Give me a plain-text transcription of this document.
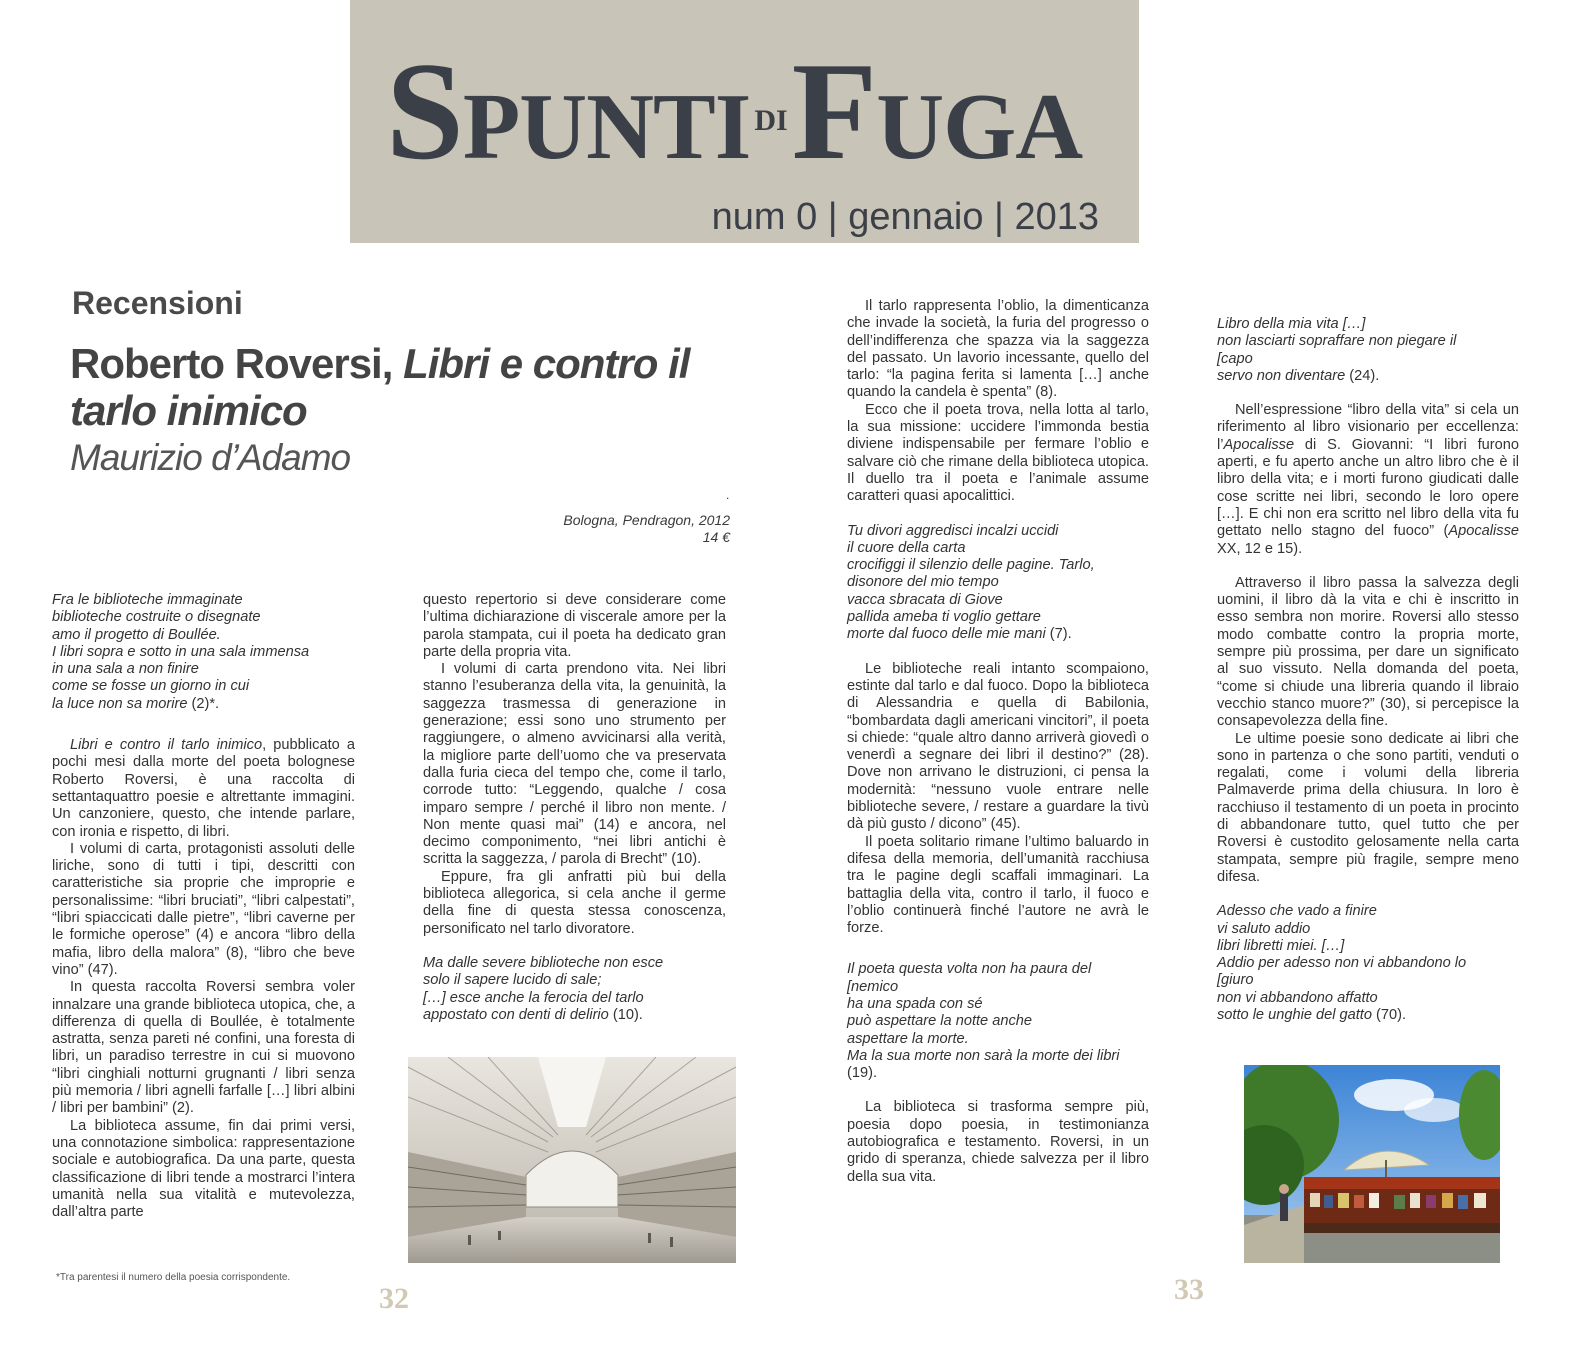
SPUNTI DIFUGA
num 0 | gennaio | 2013
Recensioni
Roberto Roversi, Libri e contro il tarlo inimico
Maurizio d’Adamo
.
Bologna, Pendragon, 2012
14 €

Fra le biblioteche immaginate
biblioteche costruite o disegnate
amo il progetto di Boullée.
I libri sopra e sotto in una sala immensa
in una sala a non finire
come se fosse un giorno in cui
la luce non sa morire (2)*.

Libri e contro il tarlo inimico, pubblicato a pochi mesi dalla morte del poeta bolognese Roberto Roversi, è una raccolta di settantaquattro poesie e altrettante immagini. Un canzoniere, questo, che intende parlare, con ironia e rispetto, di libri.

I volumi di carta, protagonisti assoluti delle liriche, sono di tutti i tipi, descritti con caratteristiche sia proprie che improprie e personalissime: “libri bruciati”, “libri calpestati”, “libri spiaccicati dalle pietre”, “libri caverne per le formiche operose” (4) e ancora “libro della mafia, libro della malora” (8), “libro che beve vino” (47).

In questa raccolta Roversi sembra voler innalzare una grande biblioteca utopica, che, a differenza di quella di Boullée, è totalmente astratta, senza pareti né confini, una foresta di libri, un paradiso terrestre in cui si muovono “libri cinghiali notturni grugnanti / libri senza più memoria / libri agnelli farfalle […] libri albini / libri per bambini” (2).

La biblioteca assume, fin dai primi versi, una connotazione simbolica: rappresentazione sociale e autobiografica. Da una parte, questa classificazione di libri tende a mostrarci l’intera umanità nella sua vitalità e mutevolezza, dall’altra parte

questo repertorio si deve considerare come l’ultima dichiarazione di viscerale amore per la parola stampata, cui il poeta ha dedicato gran parte della propria vita.

I volumi di carta prendono vita. Nei libri stanno l’esuberanza della vita, la genuinità, la saggezza trasmessa di generazione in generazione; essi sono uno strumento per raggiungere, o almeno avvicinarsi alla verità, la migliore parte dell’uomo che va preservata dalla furia cieca del tempo che, come il tarlo, corrode tutto: “Leggendo, qualche / cosa imparo sempre / perché il libro non mente. / Non mente quasi mai” (14) e ancora, nel decimo componimento, “nei libri antichi è scritta la saggezza, / parola di Brecht” (10).

Eppure, fra gli anfratti più bui della biblioteca allegorica, si cela anche il germe della fine di questa stessa conoscenza, personificato nel tarlo divoratore.

Ma dalle severe biblioteche non esce
solo il sapere lucido di sale;
[…] esce anche la ferocia del tarlo
appostato con denti di delirio (10).

Il tarlo rappresenta l’oblio, la dimenticanza che invade la società, la furia del progresso o dell’indifferenza che spazza via la saggezza del passato. Un lavorio incessante, quello del tarlo: “la pagina ferita si lamenta […] anche quando la candela è spenta” (8).

Ecco che il poeta trova, nella lotta al tarlo, la sua missione: uccidere l’immonda bestia diviene indispensabile per fermare l’oblio e salvare ciò che rimane della biblioteca utopica. Il duello tra il poeta e l’animale assume caratteri quasi apocalittici.

Tu divori aggredisci incalzi uccidi
il cuore della carta
crocifiggi il silenzio delle pagine. Tarlo,
disonore del mio tempo
vacca sbracata di Giove
pallida ameba ti voglio gettare
morte dal fuoco delle mie mani (7).

Le biblioteche reali intanto scompaiono, estinte dal tarlo e dal fuoco. Dopo la biblioteca di Alessandria e quella di Babilonia, “bombardata dagli americani vincitori”, il poeta si chiede: “quale altro danno arriverà giovedì o venerdì a segnare dei libri il destino?” (28). Dove non arrivano le distruzioni, ci pensa la modernità: “nessuno vuole entrare nelle biblioteche severe, / restare a guardare la tivù dà più gusto / dicono” (45).

Il poeta solitario rimane l’ultimo baluardo in difesa della memoria, dell’umanità racchiusa tra le pagine degli scaffali immaginari. La battaglia della vita, contro il tarlo, il fuoco e l’oblio continuerà finché l’autore ne avrà le forze.

Il poeta questa volta non ha paura del

[nemico

ha una spada con sé
può aspettare la notte anche
aspettare la morte.
Ma la sua morte non sarà la morte dei libri

(19).

La biblioteca si trasforma sempre più, poesia dopo poesia, in testimonianza autobiografica e testamento. Roversi, in un grido di speranza, chiede salvezza per il libro della sua vita.

Libro della mia vita […]
non lasciarti sopraffare non piegare il

[capo

servo non diventare (24).

Nell’espressione “libro della vita” si cela un riferimento al libro visionario per eccellenza: l’Apocalisse di S. Giovanni: “I libri furono aperti, e fu aperto anche un altro libro che è il libro della vita; e i morti furono giudicati dalle cose scritte nei libri, secondo le loro opere […]. E chi non era scritto nel libro della vita fu gettato nello stagno del fuoco” (Apocalisse XX, 12 e 15).

Attraverso il libro passa la salvezza degli uomini, il libro dà la vita e chi è inscritto in esso sembra non morire. Roversi allo stesso modo combatte contro la propria morte, sempre più prossima, per dare un significato al suo vissuto. Nella domanda del poeta, “come si chiude una libreria quando il libraio vecchio stanco muore?” (30), si percepisce la consapevolezza della fine.

Le ultime poesie sono dedicate ai libri che sono in partenza o che sono partiti, venduti o regalati, come i volumi della libreria Palmaverde prima della chiusura. In loro è racchiuso il testamento di un poeta in procinto di abbandonare tutto, quel tutto che per Roversi è custodito gelosamente nella carta stampata, sempre più fragile, sempre meno difesa.

Adesso che vado a finire
vi saluto addio
libri libretti miei. […]
Addio per adesso non vi abbandono lo

[giuro

non vi abbandono affatto
sotto le unghie del gatto (70).

*Tra parentesi il numero della poesia corrispondente.
32	33
